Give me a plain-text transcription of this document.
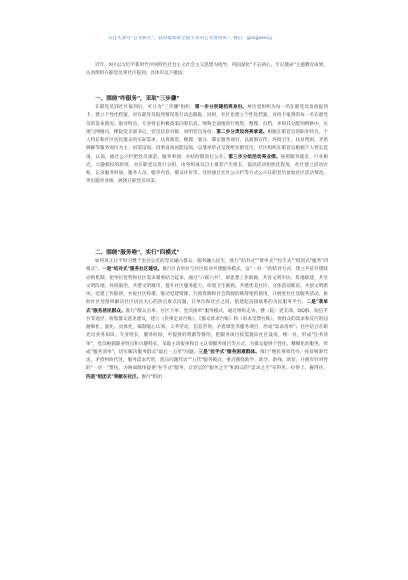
关注头条号"公文研究"，获得最新最全最专业的公文资料库！ 微信：gongwenyj

近年，X区以习近平新时代中国特色社会主义社会主义思想为指导，巩固深化"不忘初心、牢记使命"主题教育成果，认真组织在职党员到社区报到，具体有以下做法：

一、围绕"咋服务"，采取"三步骤"

在职党员到社区报到后，可分为"三步骤"组织：第一步分别建档亮身份。单位党组织为每一名在职党员发放报到卡，建立个性化档案，对在职党员报到情况进行动态跟踪，同时，社区也建立个性化档案，对持卡报到的每一名在职党员的基本情况、职业特点、专业特长积极备案向筹信息，细致全面地进行收集、整理，归档，并将其分配到网格中，实现与网格员、楼院党支部书记、党员信息对接，亮明党员身份。第二步分类设岗亮承诺。根据在职党员的职业特点、个人特长和社区居民群众的实际需求，认真筹选、梳理，划分、制定服务项目，以政策宣传、环境卫生、扶贫帮困、矛盾调解等服务岗位为主；因需设岗、因事设岗因能设岗，以菜单形式呈现给在职党员，社区组织在职党员根据个人特长选岗，认岗，通过公示栏把党员承诺、服务事项、办结时限进行公开。第三步分组活动亮业绩。按照服务就近、行业相近、兴趣相投的原则，对在职党员进行分组，由各组成员自主推荐产生组长，提高活动组织化程度，社区建立活动台账，记录服务时间、服务人员、服务内容、群众评价等，及时通过社区公示栏等方式公示在职党员参加社区活动情况，突出服务业绩，展现在职党员风采。

二、围绕"服务啥"，实行"四模式"

如何真正让平时习惯于室办公室的党员融入群众、服务融入民生，推行"结对式""菜单式""拉手式""组团式"服务"四模式"。一是"结对式"服务社区建设。推行区直单位与社区结对共建服务模式，以"一对一"的结对方式，建立共驻共建联动新机制，把单位优势和社区需求紧密结合起来，通过"六联六共"，即思想工作联做、共育文明市民；阵地联建，共享文明阵地；环境联治，共建文明城市，提升社区服务能力，环境卫生联抓，共建优美社区；文体活动联谊，共创文明新风；党建工作联创，共促社区和谐，推动党建资源、行政资源和社会资源的统筹集约使用，开展进社区送服务活动，协助社区党组织解决社区居民关心的热点难点问题，在单位和社区之间，搭建起直接联系的为民服务平台。二是"菜单式"服务居民群众。推行"群众点单、社区下单、党员接单"服务模式，通过组织走访、楼（院）党支部、QQ群、短信平台等途径，收集群众意见建议，建立《民情走访台账》、《群众诉求台账》和《诉求反馈台账》，将群众的需求和反应的问题细化、量化、具体化，编制爱心认领、义务劳动、信息咨询、矛盾调处等服务项目，形成"需求清单"；社区结合在职党员业务知识、专业特长，服务时间，可提供的资源等情况，把服务项目按需置向社区设岗，统一对，形成"任务清单"，党员根据职业特点和兴趣特长，采取主动报单和自主认领服务项目等方式，为群众提供个性化、精细化的服务，形成"服务清单"，切实解决服务群众"最后一公里"问题。三是"拉手式"服务困难群体。推行"便民事项代办，扶贫统筹代送，矛盾纠纷代处，服务需求代管，焦点问题代访""五代"服务模式，重点围绕助学、助孕、助残、助贫，开展有针对性的"一对一"帮扶，为困弱群体提供"拉手式"服务，让党员的"服务之手"和群众的"需求之手"牵得见、拉得上、握得住。四是"组团式"奉献在社区。推行"组团
